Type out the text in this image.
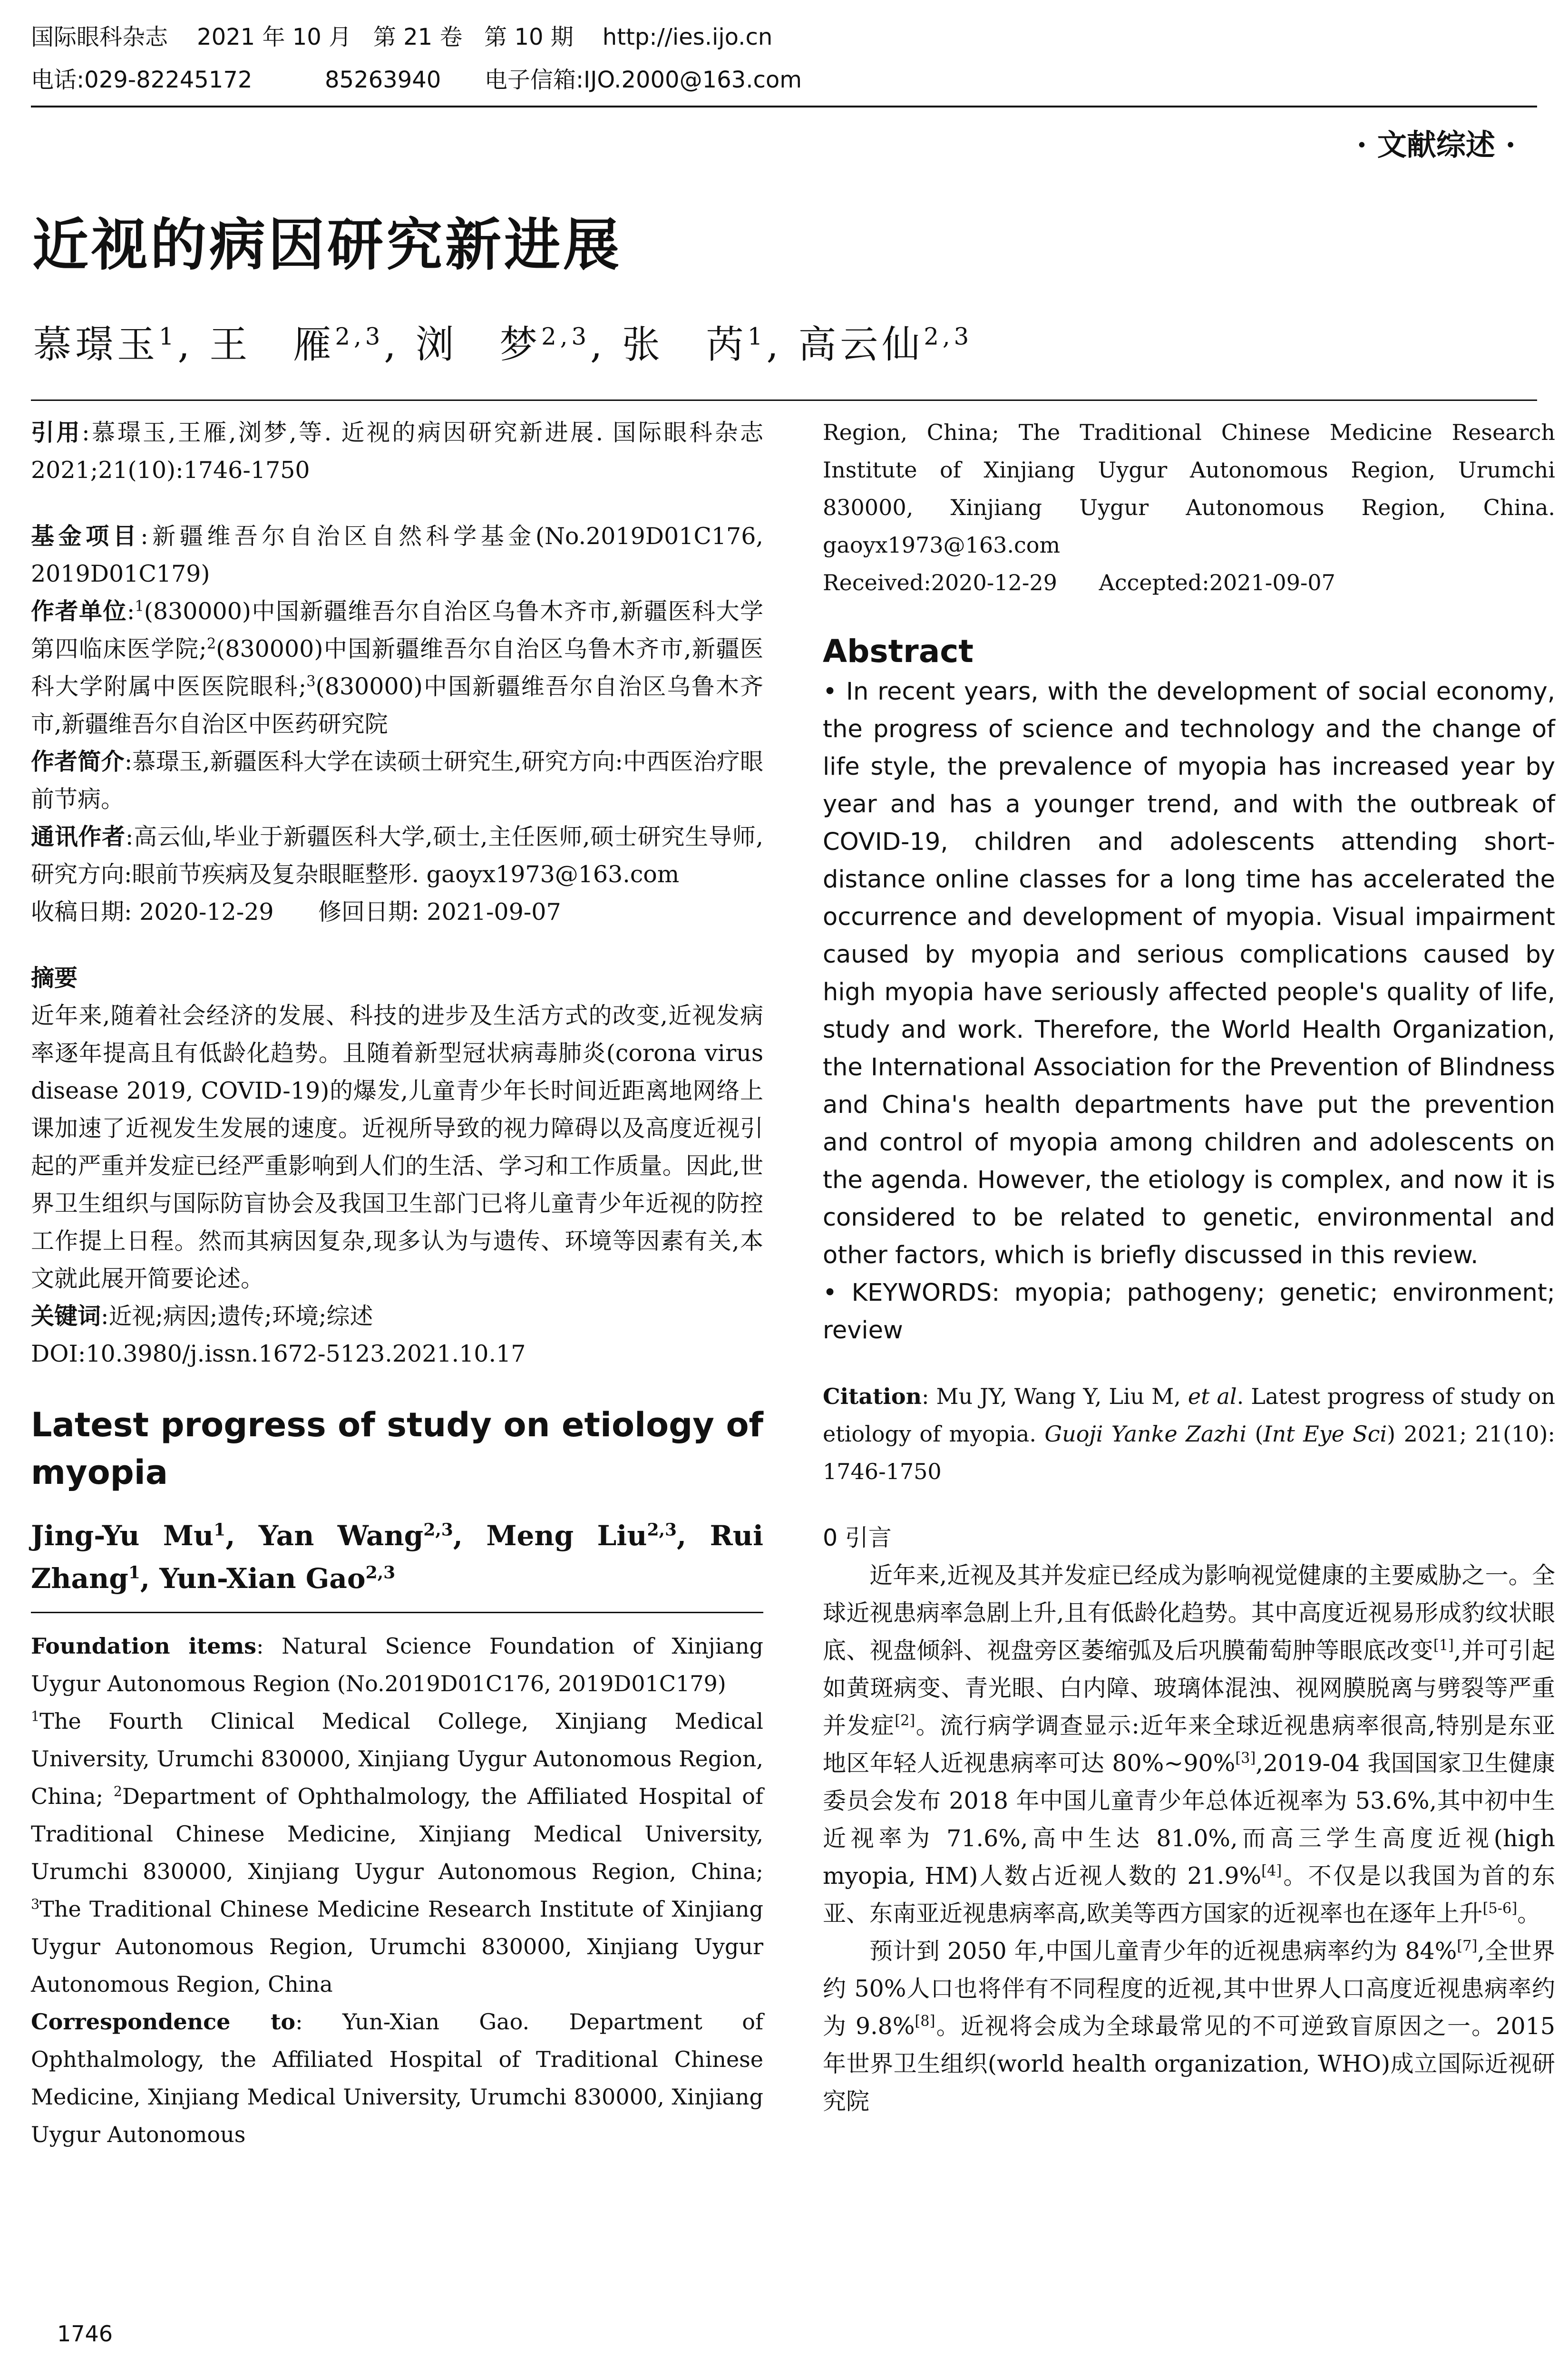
国际眼科杂志    2021 年 10 月   第 21 卷   第 10 期    http://ies.ijo.cn
电话:029-82245172          85263940      电子信箱:IJO.2000@163.com
· 文献综述 ·
近视的病因研究新进展
慕璟玉$^1$, 王　雁$^{2,3}$, 浏　梦$^{2,3}$, 张　芮$^1$, 高云仙$^{2,3}$

引用:慕璟玉,王雁,浏梦,等. 近视的病因研究新进展. 国际眼科杂志 2021;21(10):1746-1750

基金项目:新疆维吾尔自治区自然科学基金(No.2019D01C176, 2019D01C179)

作者单位:$^1$(830000)中国新疆维吾尔自治区乌鲁木齐市,新疆医科大学第四临床医学院;$^2$(830000)中国新疆维吾尔自治区乌鲁木齐市,新疆医科大学附属中医医院眼科;$^3$(830000)中国新疆维吾尔自治区乌鲁木齐市,新疆维吾尔自治区中医药研究院

作者简介:慕璟玉,新疆医科大学在读硕士研究生,研究方向:中西医治疗眼前节病。

通讯作者:高云仙,毕业于新疆医科大学,硕士,主任医师,硕士研究生导师,研究方向:眼前节疾病及复杂眼眶整形. gaoyx1973@163.com

收稿日期: 2020-12-29      修回日期: 2021-09-07

摘要

近年来,随着社会经济的发展、科技的进步及生活方式的改变,近视发病率逐年提高且有低龄化趋势。且随着新型冠状病毒肺炎(corona virus disease 2019, COVID-19)的爆发,儿童青少年长时间近距离地网络上课加速了近视发生发展的速度。近视所导致的视力障碍以及高度近视引起的严重并发症已经严重影响到人们的生活、学习和工作质量。因此,世界卫生组织与国际防盲协会及我国卫生部门已将儿童青少年近视的防控工作提上日程。然而其病因复杂,现多认为与遗传、环境等因素有关,本文就此展开简要论述。

关键词:近视;病因;遗传;环境;综述

DOI:10.3980/j.issn.1672-5123.2021.10.17

Latest progress of study on etiology of myopia

Jing-Yu Mu$^1$, Yan Wang$^{2,3}$, Meng Liu$^{2,3}$, Rui Zhang$^1$, Yun-Xian Gao$^{2,3}$

Foundation items: Natural Science Foundation of Xinjiang Uygur Autonomous Region (No.2019D01C176, 2019D01C179)

$^1$The Fourth Clinical Medical College, Xinjiang Medical University, Urumchi 830000, Xinjiang Uygur Autonomous Region, China; $^2$Department of Ophthalmology, the Affiliated Hospital of Traditional Chinese Medicine, Xinjiang Medical University, Urumchi 830000, Xinjiang Uygur Autonomous Region, China; $^3$The Traditional Chinese Medicine Research Institute of Xinjiang Uygur Autonomous Region, Urumchi 830000, Xinjiang Uygur Autonomous Region, China

Correspondence to: Yun-Xian Gao. Department of Ophthalmology, the Affiliated Hospital of Traditional Chinese Medicine, Xinjiang Medical University, Urumchi 830000, Xinjiang Uygur Autonomous

Region, China; The Traditional Chinese Medicine Research Institute of Xinjiang Uygur Autonomous Region, Urumchi 830000, Xinjiang Uygur Autonomous Region, China. gaoyx1973@163.com

Received:2020-12-29      Accepted:2021-09-07

Abstract

• In recent years, with the development of social economy, the progress of science and technology and the change of life style, the prevalence of myopia has increased year by year and has a younger trend, and with the outbreak of COVID-19, children and adolescents attending short-distance online classes for a long time has accelerated the occurrence and development of myopia. Visual impairment caused by myopia and serious complications caused by high myopia have seriously affected people's quality of life, study and work. Therefore, the World Health Organization, the International Association for the Prevention of Blindness and China's health departments have put the prevention and control of myopia among children and adolescents on the agenda. However, the etiology is complex, and now it is considered to be related to genetic, environmental and other factors, which is briefly discussed in this review.

• KEYWORDS: myopia; pathogeny; genetic; environment; review

Citation: Mu JY, Wang Y, Liu M, et al. Latest progress of study on etiology of myopia. Guoji Yanke Zazhi (Int Eye Sci) 2021; 21(10): 1746-1750

0 引言

近年来,近视及其并发症已经成为影响视觉健康的主要威胁之一。全球近视患病率急剧上升,且有低龄化趋势。其中高度近视易形成豹纹状眼底、视盘倾斜、视盘旁区萎缩弧及后巩膜葡萄肿等眼底改变[1],并可引起如黄斑病变、青光眼、白内障、玻璃体混浊、视网膜脱离与劈裂等严重并发症[2]。流行病学调查显示:近年来全球近视患病率很高,特别是东亚地区年轻人近视患病率可达 80%~90%[3],2019-04 我国国家卫生健康委员会发布 2018 年中国儿童青少年总体近视率为 53.6%,其中初中生近视率为 71.6%,高中生达 81.0%,而高三学生高度近视(high myopia, HM)人数占近视人数的 21.9%[4]。不仅是以我国为首的东亚、东南亚近视患病率高,欧美等西方国家的近视率也在逐年上升[5-6]。

预计到 2050 年,中国儿童青少年的近视患病率约为 84%[7],全世界约 50%人口也将伴有不同程度的近视,其中世界人口高度近视患病率约为 9.8%[8]。近视将会成为全球最常见的不可逆致盲原因之一。2015 年世界卫生组织(world health organization, WHO)成立国际近视研究院

1746
